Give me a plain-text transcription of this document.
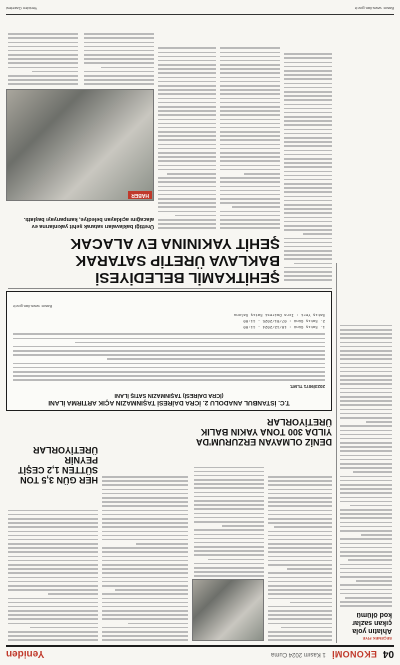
04
EKONOMİ
1 Kasım 2024 Cuma
Yeniden
SEÇENEK FİYE
Ahlatın yola çıkan sazlar kod ölümü
DENİZ OLMAYAN ERZURUM'DA YILDA 300 TONA YAKIN BALIK ÜRETİYORLAR
HER GÜN 3,5 TON SÜTTEN 1,2 CEŞİT PEYNİR ÜRETİYORLAR
T.C. İSTANBUL ANADOLU 2. İCRA DAİRESİ TAŞINMAZIN AÇIK ARTIRMA İLANI
(İCRA DAİRESİ) TAŞINMAZIN SATIŞ İLANI
2023/9071 TLMT.
1. Satış Günü : 10/12/2024 - 11:00
2. Satış Günü : 07/01/2025 - 11:00
Satış Yeri : İcra Dairesi Satış Salonu
Basın: www.ilan.gov.tr
ŞEHİTKAMİL BELEDİYESİ
BAKLAVA ÜRETİP SATARAK
ŞEHİT YAKININA EV ALACAK
Ürettiği baklavaları satarak şehit yakınlarına ev alacağını açıklayan belediye, kampanyayı başlattı.
HABER
Basın: www.ilan.gov.tr
Yeniden Gazetesi
